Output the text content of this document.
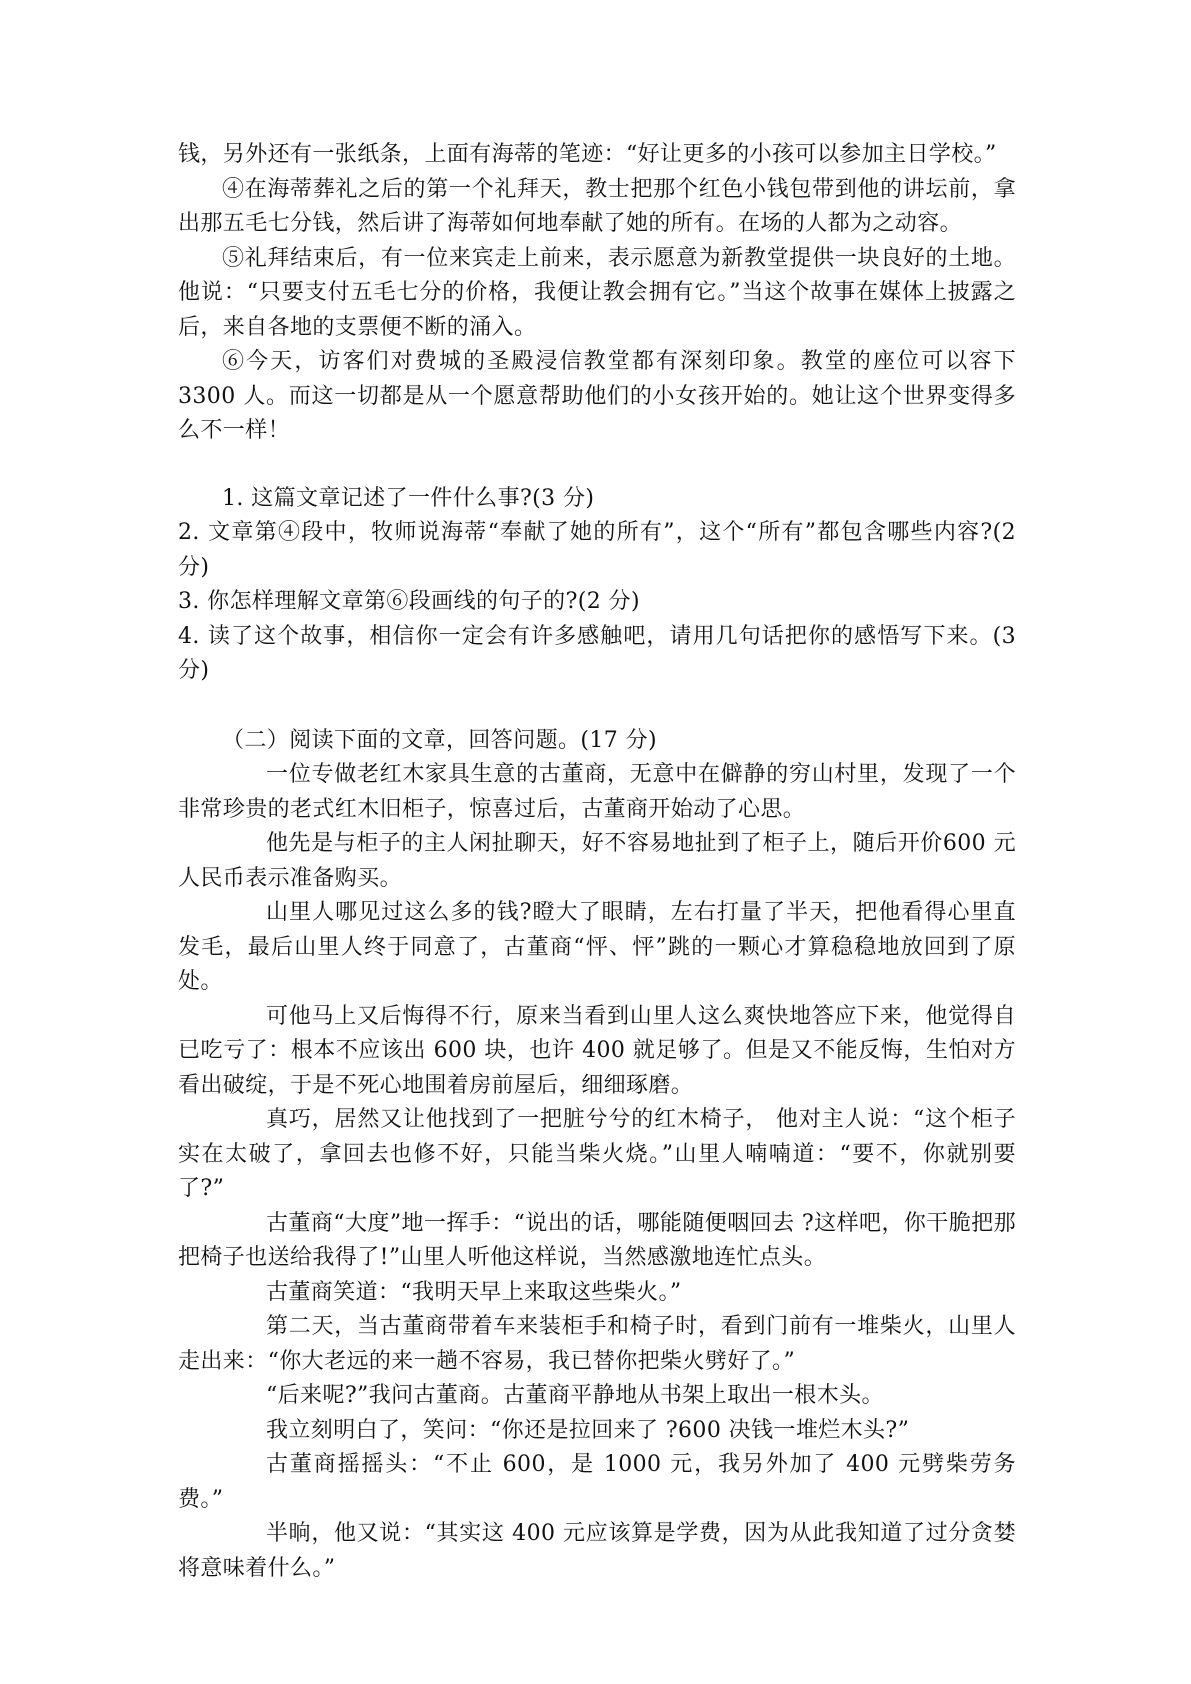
钱，另外还有一张纸条，上面有海蒂的笔迹：“好让更多的小孩可以参加主日学校。”

④在海蒂葬礼之后的第一个礼拜天，教士把那个红色小钱包带到他的讲坛前，拿出那五毛七分钱，然后讲了海蒂如何地奉献了她的所有。在场的人都为之动容。

⑤礼拜结束后，有一位来宾走上前来，表示愿意为新教堂提供一块良好的土地。他说：“只要支付五毛七分的价格，我便让教会拥有它。”当这个故事在媒体上披露之后，来自各地的支票便不断的涌入。

⑥今天，访客们对费城的圣殿浸信教堂都有深刻印象。教堂的座位可以容下3300 人。而这一切都是从一个愿意帮助他们的小女孩开始的。她让这个世界变得多么不一样！

1. 这篇文章记述了一件什么事?(3 分)

2. 文章第④段中，牧师说海蒂“奉献了她的所有”，这个“所有”都包含哪些内容?(2 分)

3. 你怎样理解文章第⑥段画线的句子的?(2 分)

4. 读了这个故事，相信你一定会有许多感触吧，请用几句话把你的感悟写下来。(3 分)

（二）阅读下面的文章，回答问题。(17 分)

一位专做老红木家具生意的古董商，无意中在僻静的穷山村里，发现了一个非常珍贵的老式红木旧柜子，惊喜过后，古董商开始动了心思。

他先是与柜子的主人闲扯聊天，好不容易地扯到了柜子上，随后开价600 元人民币表示准备购买。

山里人哪见过这么多的钱?瞪大了眼睛，左右打量了半天，把他看得心里直发毛，最后山里人终于同意了，古董商“怦、怦”跳的一颗心才算稳稳地放回到了原处。

可他马上又后悔得不行，原来当看到山里人这么爽快地答应下来，他觉得自已吃亏了：根本不应该出 600 块，也许 400 就足够了。但是又不能反悔，生怕对方看出破绽，于是不死心地围着房前屋后，细细琢磨。

真巧，居然又让他找到了一把脏兮兮的红木椅子， 他对主人说：“这个柜子实在太破了，拿回去也修不好，只能当柴火烧。”山里人喃喃道：“要不，你就别要了?”

古董商“大度”地一挥手：“说出的话，哪能随便咽回去 ?这样吧，你干脆把那把椅子也送给我得了!”山里人听他这样说，当然感激地连忙点头。

古董商笑道：“我明天早上来取这些柴火。”

第二天，当古董商带着车来装柜手和椅子时，看到门前有一堆柴火，山里人走出来：“你大老远的来一趟不容易，我已替你把柴火劈好了。”

“后来呢?”我问古董商。古董商平静地从书架上取出一根木头。

我立刻明白了，笑问：“你还是拉回来了 ?600 决钱一堆烂木头?”

古董商摇摇头：“不止 600，是 1000 元，我另外加了 400 元劈柴劳务费。”

半晌，他又说：“其实这 400 元应该算是学费，因为从此我知道了过分贪婪将意味着什么。”
